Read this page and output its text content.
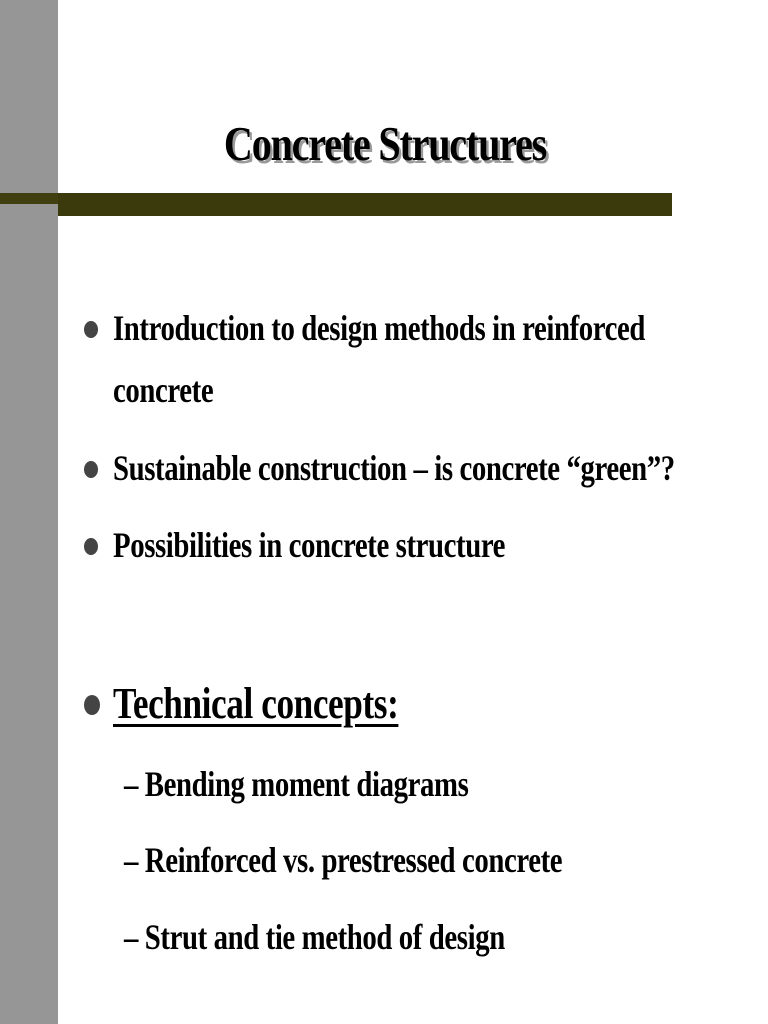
Concrete Structures
Introduction to design methods in reinforced concrete
Sustainable construction – is concrete “green”?
Possibilities in concrete structure
Technical concepts:
– Bending moment diagrams
– Reinforced vs. prestressed concrete
– Strut and tie method of design
